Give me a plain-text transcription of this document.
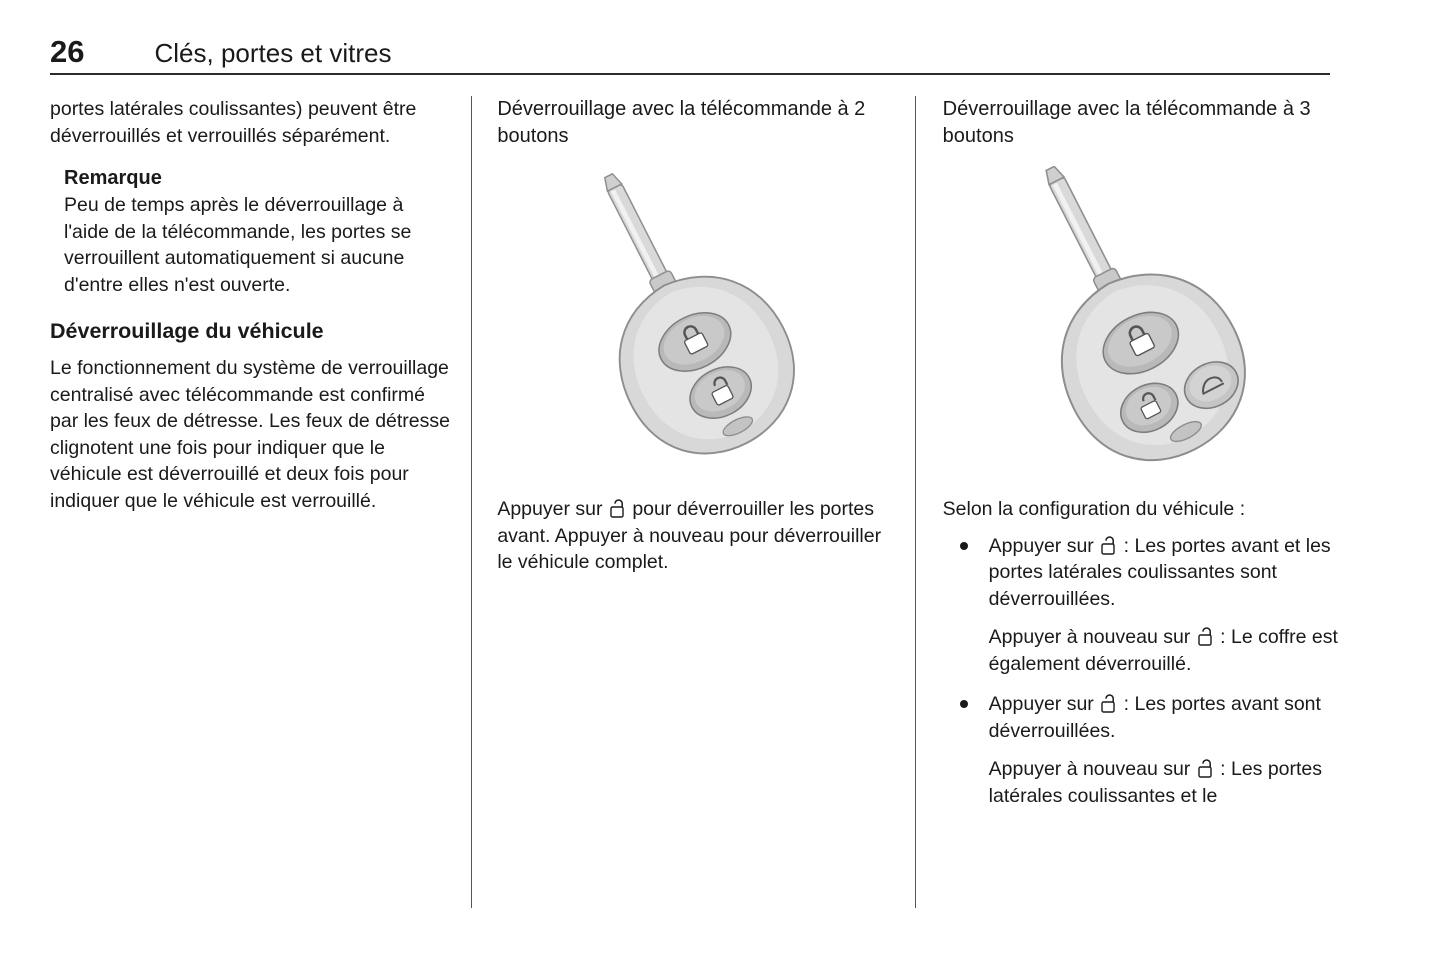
26	Clés, portes et vitres

portes latérales coulissantes) peuvent être déverrouillés et verrouillés séparément.

Remarque

Peu de temps après le déverrouillage à l'aide de la télécommande, les portes se verrouillent automatiquement si aucune d'entre elles n'est ouverte.

Déverrouillage du véhicule

Le fonctionnement du système de verrouillage centralisé avec télécommande est confirmé par les feux de détresse. Les feux de détresse clignotent une fois pour indiquer que le véhicule est déverrouillé et deux fois pour indiquer que le véhicule est verrouillé.

Déverrouillage avec la télécommande à 2 boutons

Appuyer sur pour déverrouiller les portes avant. Appuyer à nouveau pour déverrouiller le véhicule complet.

Déverrouillage avec la télécommande à 3 boutons

Selon la configuration du véhicule :

Appuyer sur : Les portes avant et les portes latérales coulissantes sont déverrouillées.
Appuyer à nouveau sur : Le coffre est également déverrouillé.
Appuyer sur : Les portes avant sont déverrouillées.
Appuyer à nouveau sur : Les portes latérales coulissantes et le
